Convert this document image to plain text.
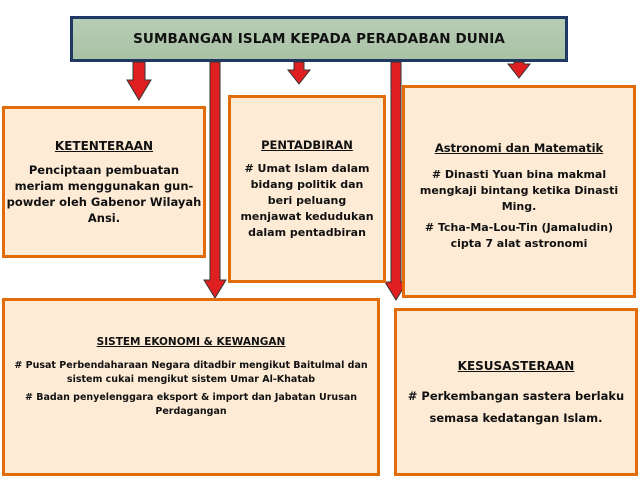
SUMBANGAN ISLAM KEPADA PERADABAN DUNIA

KETENTERAAN

Penciptaan pembuatan meriam menggunakan gun-powder oleh Gabenor Wilayah Ansi.

PENTADBIRAN

# Umat Islam dalam bidang politik dan beri peluang menjawat kedudukan dalam pentadbiran

Astronomi dan Matematik

# Dinasti Yuan bina makmal mengkaji bintang ketika Dinasti Ming.

# Tcha-Ma-Lou-Tin (Jamaludin) cipta 7 alat astronomi

SISTEM EKONOMI & KEWANGAN

# Pusat Perbendaharaan Negara ditadbir mengikut Baitulmal dan sistem cukai mengikut sistem Umar Al-Khatab

# Badan penyelenggara eksport & import dan Jabatan Urusan Perdagangan

KESUSASTERAAN

# Perkembangan sastera berlaku

semasa kedatangan Islam.
